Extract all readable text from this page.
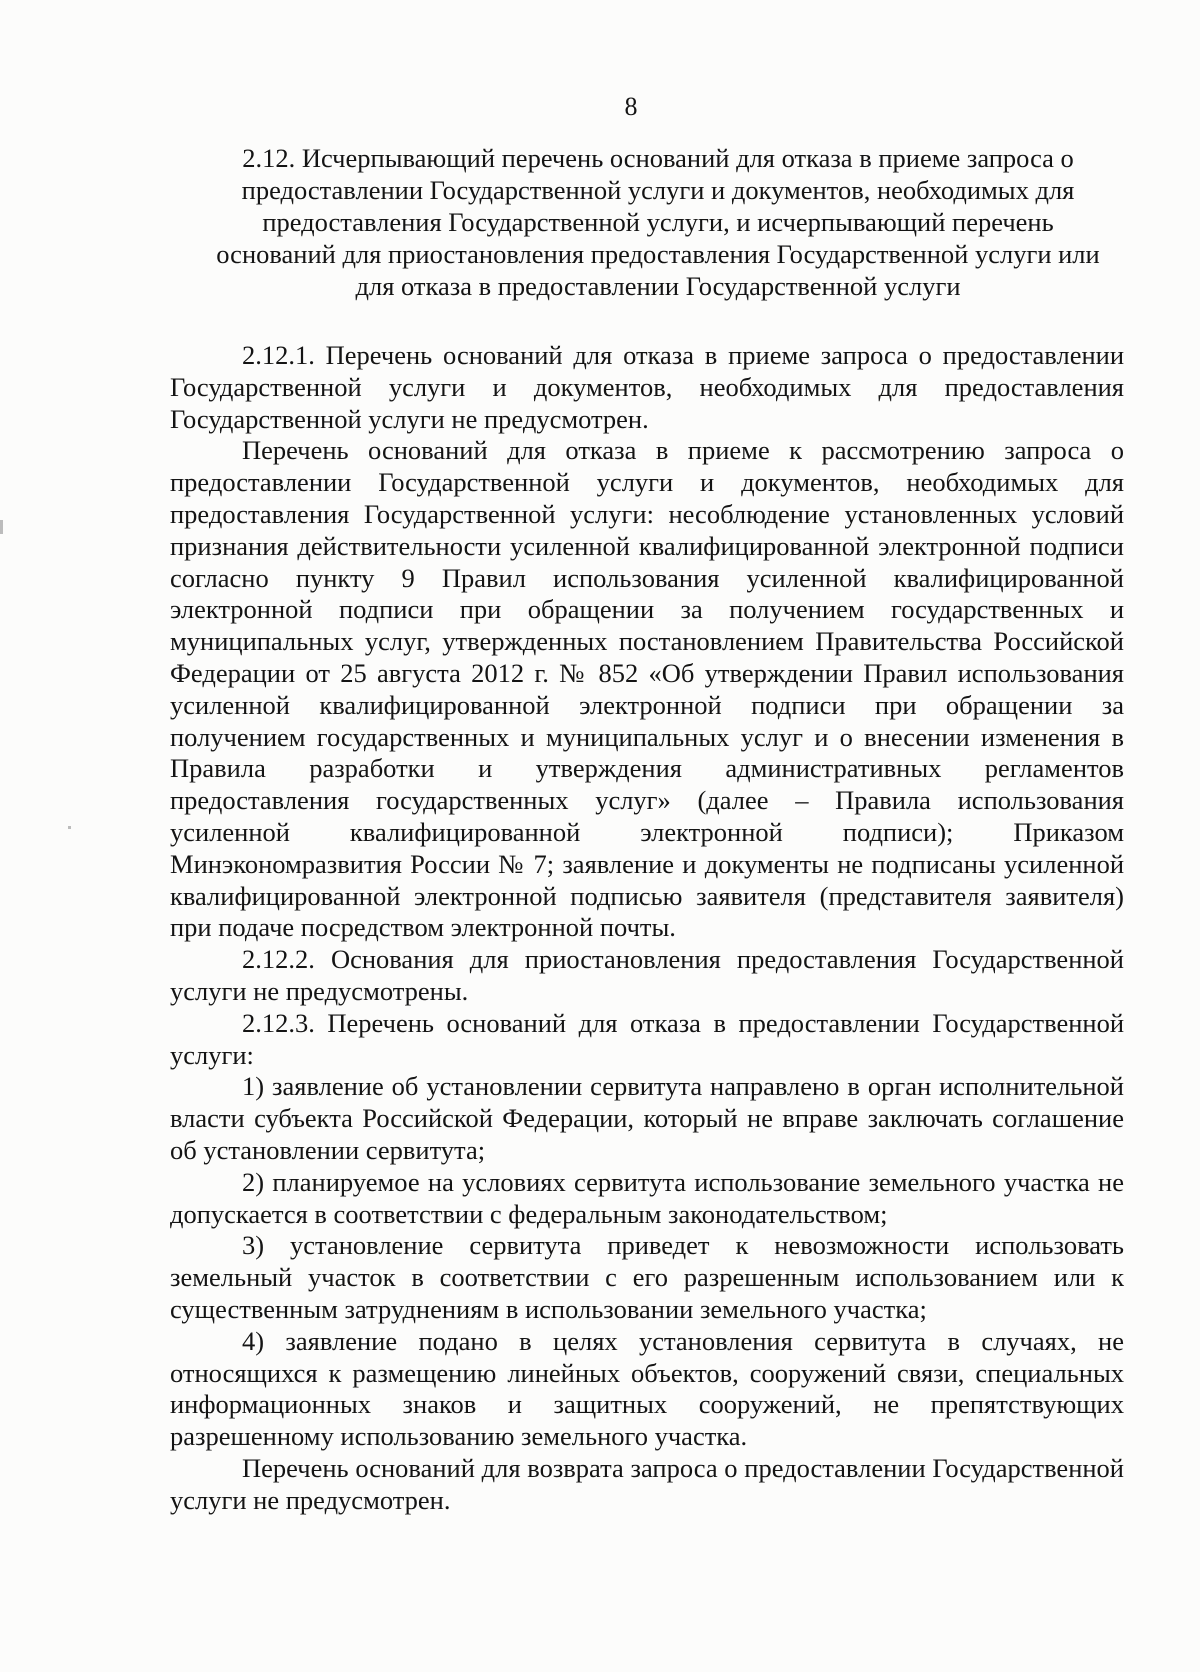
8
2.12. Исчерпывающий перечень оснований для отказа в приеме запроса о
предоставлении Государственной услуги и документов, необходимых для
предоставления Государственной услуги, и исчерпывающий перечень
оснований для приостановления предоставления Государственной услуги или
для отказа в предоставлении Государственной услуги

2.12.1. Перечень оснований для отказа в приеме запроса о предоставлении Государственной услуги и документов, необходимых для предоставления Государственной услуги не предусмотрен.

Перечень оснований для отказа в приеме к рассмотрению запроса о предоставлении Государственной услуги и документов, необходимых для предоставления Государственной услуги: несоблюдение установленных условий признания действительности усиленной квалифицированной электронной подписи согласно пункту 9 Правил использования усиленной квалифицированной электронной подписи при обращении за получением государственных и муниципальных услуг, утвержденных постановлением Правительства Российской Федерации от 25 августа 2012 г. № 852 «Об утверждении Правил использования усиленной квалифицированной электронной подписи при обращении за получением государственных и муниципальных услуг и о внесении изменения в Правила разработки и утверждения административных регламентов предоставления государственных услуг» (далее – Правила использования усиленной квалифицированной электронной подписи); Приказом Минэкономразвития России № 7; заявление и документы не подписаны усиленной квалифицированной электронной подписью заявителя (представителя заявителя) при подаче посредством электронной почты.

2.12.2. Основания для приостановления предоставления Государственной услуги не предусмотрены.

2.12.3. Перечень оснований для отказа в предоставлении Государственной услуги:

1) заявление об установлении сервитута направлено в орган исполнительной власти субъекта Российской Федерации, который не вправе заключать соглашение об установлении сервитута;

2) планируемое на условиях сервитута использование земельного участка не допускается в соответствии с федеральным законодательством;

3) установление сервитута приведет к невозможности использовать земельный участок в соответствии с его разрешенным использованием или к существенным затруднениям в использовании земельного участка;

4) заявление подано в целях установления сервитута в случаях, не относящихся к размещению линейных объектов, сооружений связи, специальных информационных знаков и защитных сооружений, не препятствующих разрешенному использованию земельного участка.

Перечень оснований для возврата запроса о предоставлении Государственной услуги не предусмотрен.
